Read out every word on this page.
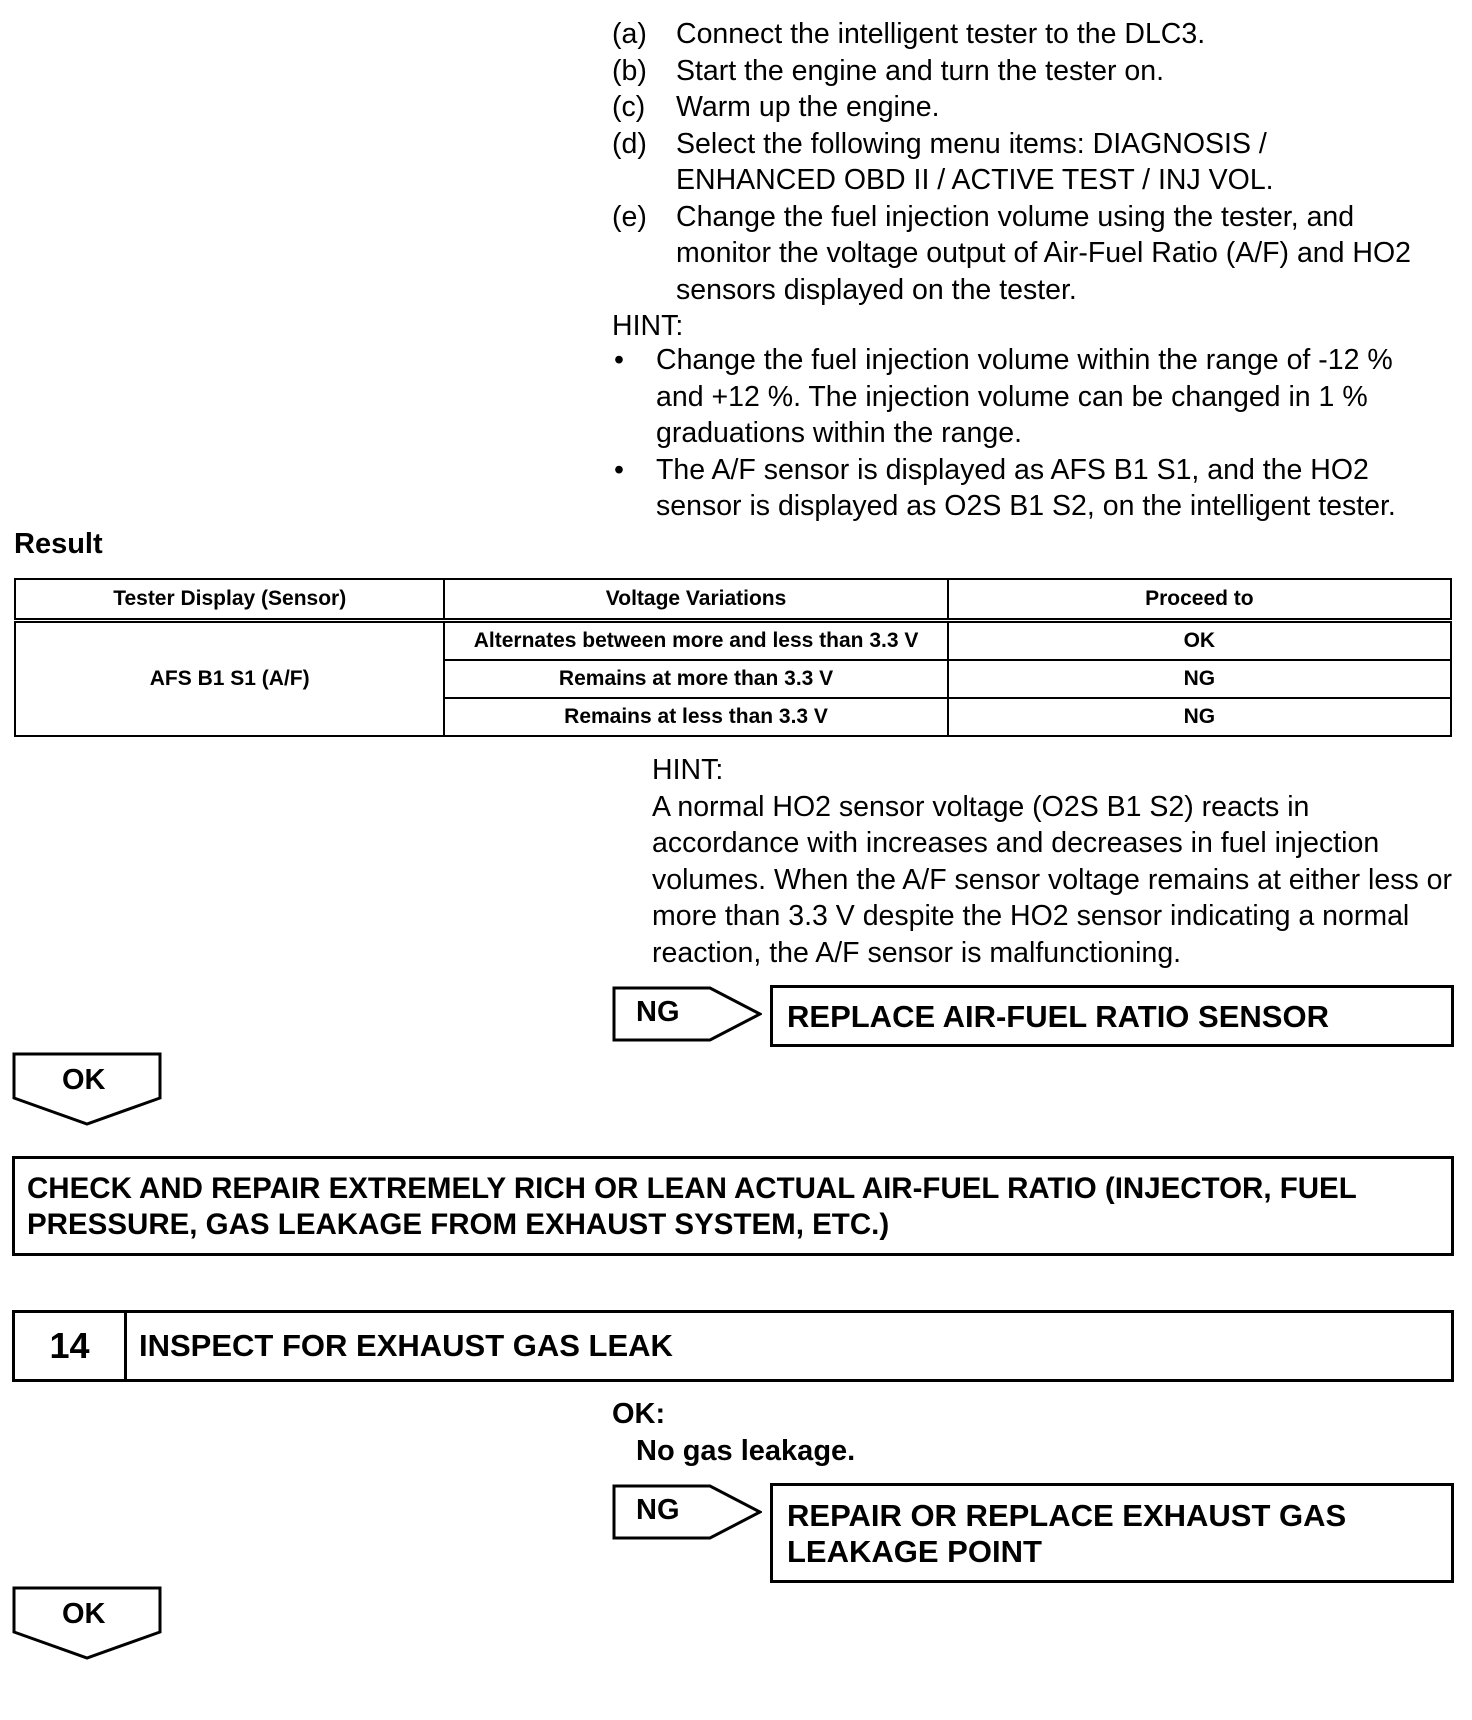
(a)	Connect the intelligent tester to the DLC3.
(b)	Start the engine and turn the tester on.
(c)	Warm up the engine.
(d)	Select the following menu items: DIAGNOSIS / ENHANCED OBD II / ACTIVE TEST / INJ VOL.
(e)	Change the fuel injection volume using the tester, and monitor the voltage output of Air-Fuel Ratio (A/F) and HO2 sensors displayed on the tester.
HINT:
•	Change the fuel injection volume within the range of -12 % and +12 %. The injection volume can be changed in 1 % graduations within the range.
•	The A/F sensor is displayed as AFS B1 S1, and the HO2 sensor is displayed as O2S B1 S2, on the intelligent tester.
Result
Tester Display (Sensor)	Voltage Variations	Proceed to
AFS B1 S1 (A/F)	Alternates between more and less than 3.3 V	OK
	Remains at more than 3.3 V	NG
	Remains at less than 3.3 V	NG
HINT:
A normal HO2 sensor voltage (O2S B1 S2) reacts in accordance with increases and decreases in fuel injection volumes. When the A/F sensor voltage remains at either less or more than 3.3 V despite the HO2 sensor indicating a normal reaction, the A/F sensor is malfunctioning.
NG	REPLACE AIR-FUEL RATIO SENSOR
OK
CHECK AND REPAIR EXTREMELY RICH OR LEAN ACTUAL AIR-FUEL RATIO (INJECTOR, FUEL PRESSURE, GAS LEAKAGE FROM EXHAUST SYSTEM, ETC.)
14	INSPECT FOR EXHAUST GAS LEAK
OK:
No gas leakage.
NG	REPAIR OR REPLACE EXHAUST GAS LEAKAGE POINT
OK
